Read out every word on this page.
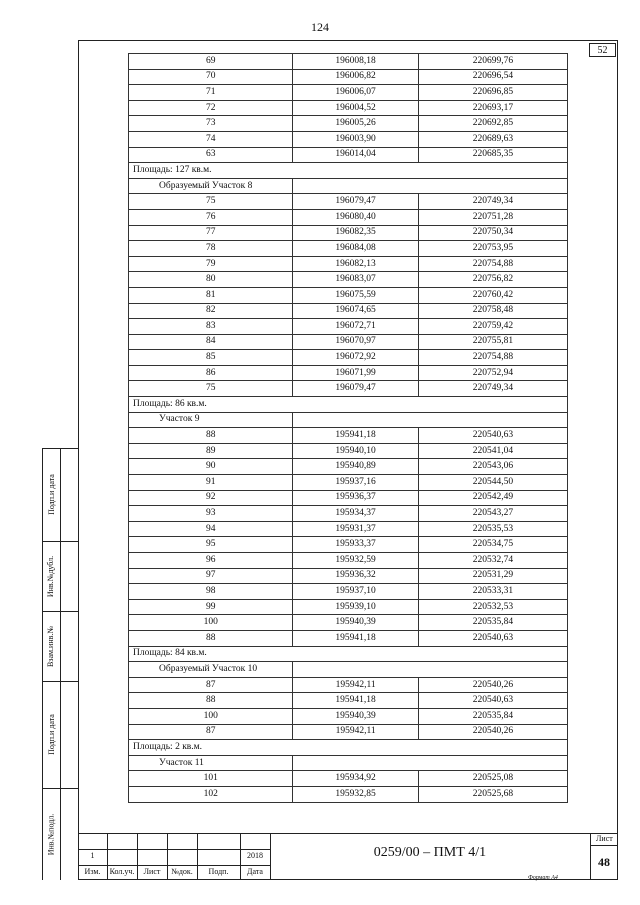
124
52
69	196008,18	220699,76
70	196006,82	220696,54
71	196006,07	220696,85
72	196004,52	220693,17
73	196005,26	220692,85
74	196003,90	220689,63
63	196014,04	220685,35
Площадь: 127 кв.м.		
Образуемый Участок 8		
75	196079,47	220749,34
76	196080,40	220751,28
77	196082,35	220750,34
78	196084,08	220753,95
79	196082,13	220754,88
80	196083,07	220756,82
81	196075,59	220760,42
82	196074,65	220758,48
83	196072,71	220759,42
84	196070,97	220755,81
85	196072,92	220754,88
86	196071,99	220752,94
75	196079,47	220749,34
Площадь: 86 кв.м.		
Участок 9		
88	195941,18	220540,63
89	195940,10	220541,04
90	195940,89	220543,06
91	195937,16	220544,50
92	195936,37	220542,49
93	195934,37	220543,27
94	195931,37	220535,53
95	195933,37	220534,75
96	195932,59	220532,74
97	195936,32	220531,29
98	195937,10	220533,31
99	195939,10	220532,53
100	195940,39	220535,84
88	195941,18	220540,63
Площадь: 84 кв.м.		
Образуемый Участок 10		
87	195942,11	220540,26
88	195941,18	220540,63
100	195940,39	220535,84
87	195942,11	220540,26
Площадь: 2 кв.м.		
Участок 11		
101	195934,92	220525,08
102	195932,85	220525,68
Инв.№подл.
Подп.и дата
Взам.инв.№
Инв.№дубл.
Подп.и дата
1	2018
Изм.	Кол.уч.	Лист	№док.	Подп.	Дата
0259/00 – ПМТ 4/1
Лист
48
Формат А4
